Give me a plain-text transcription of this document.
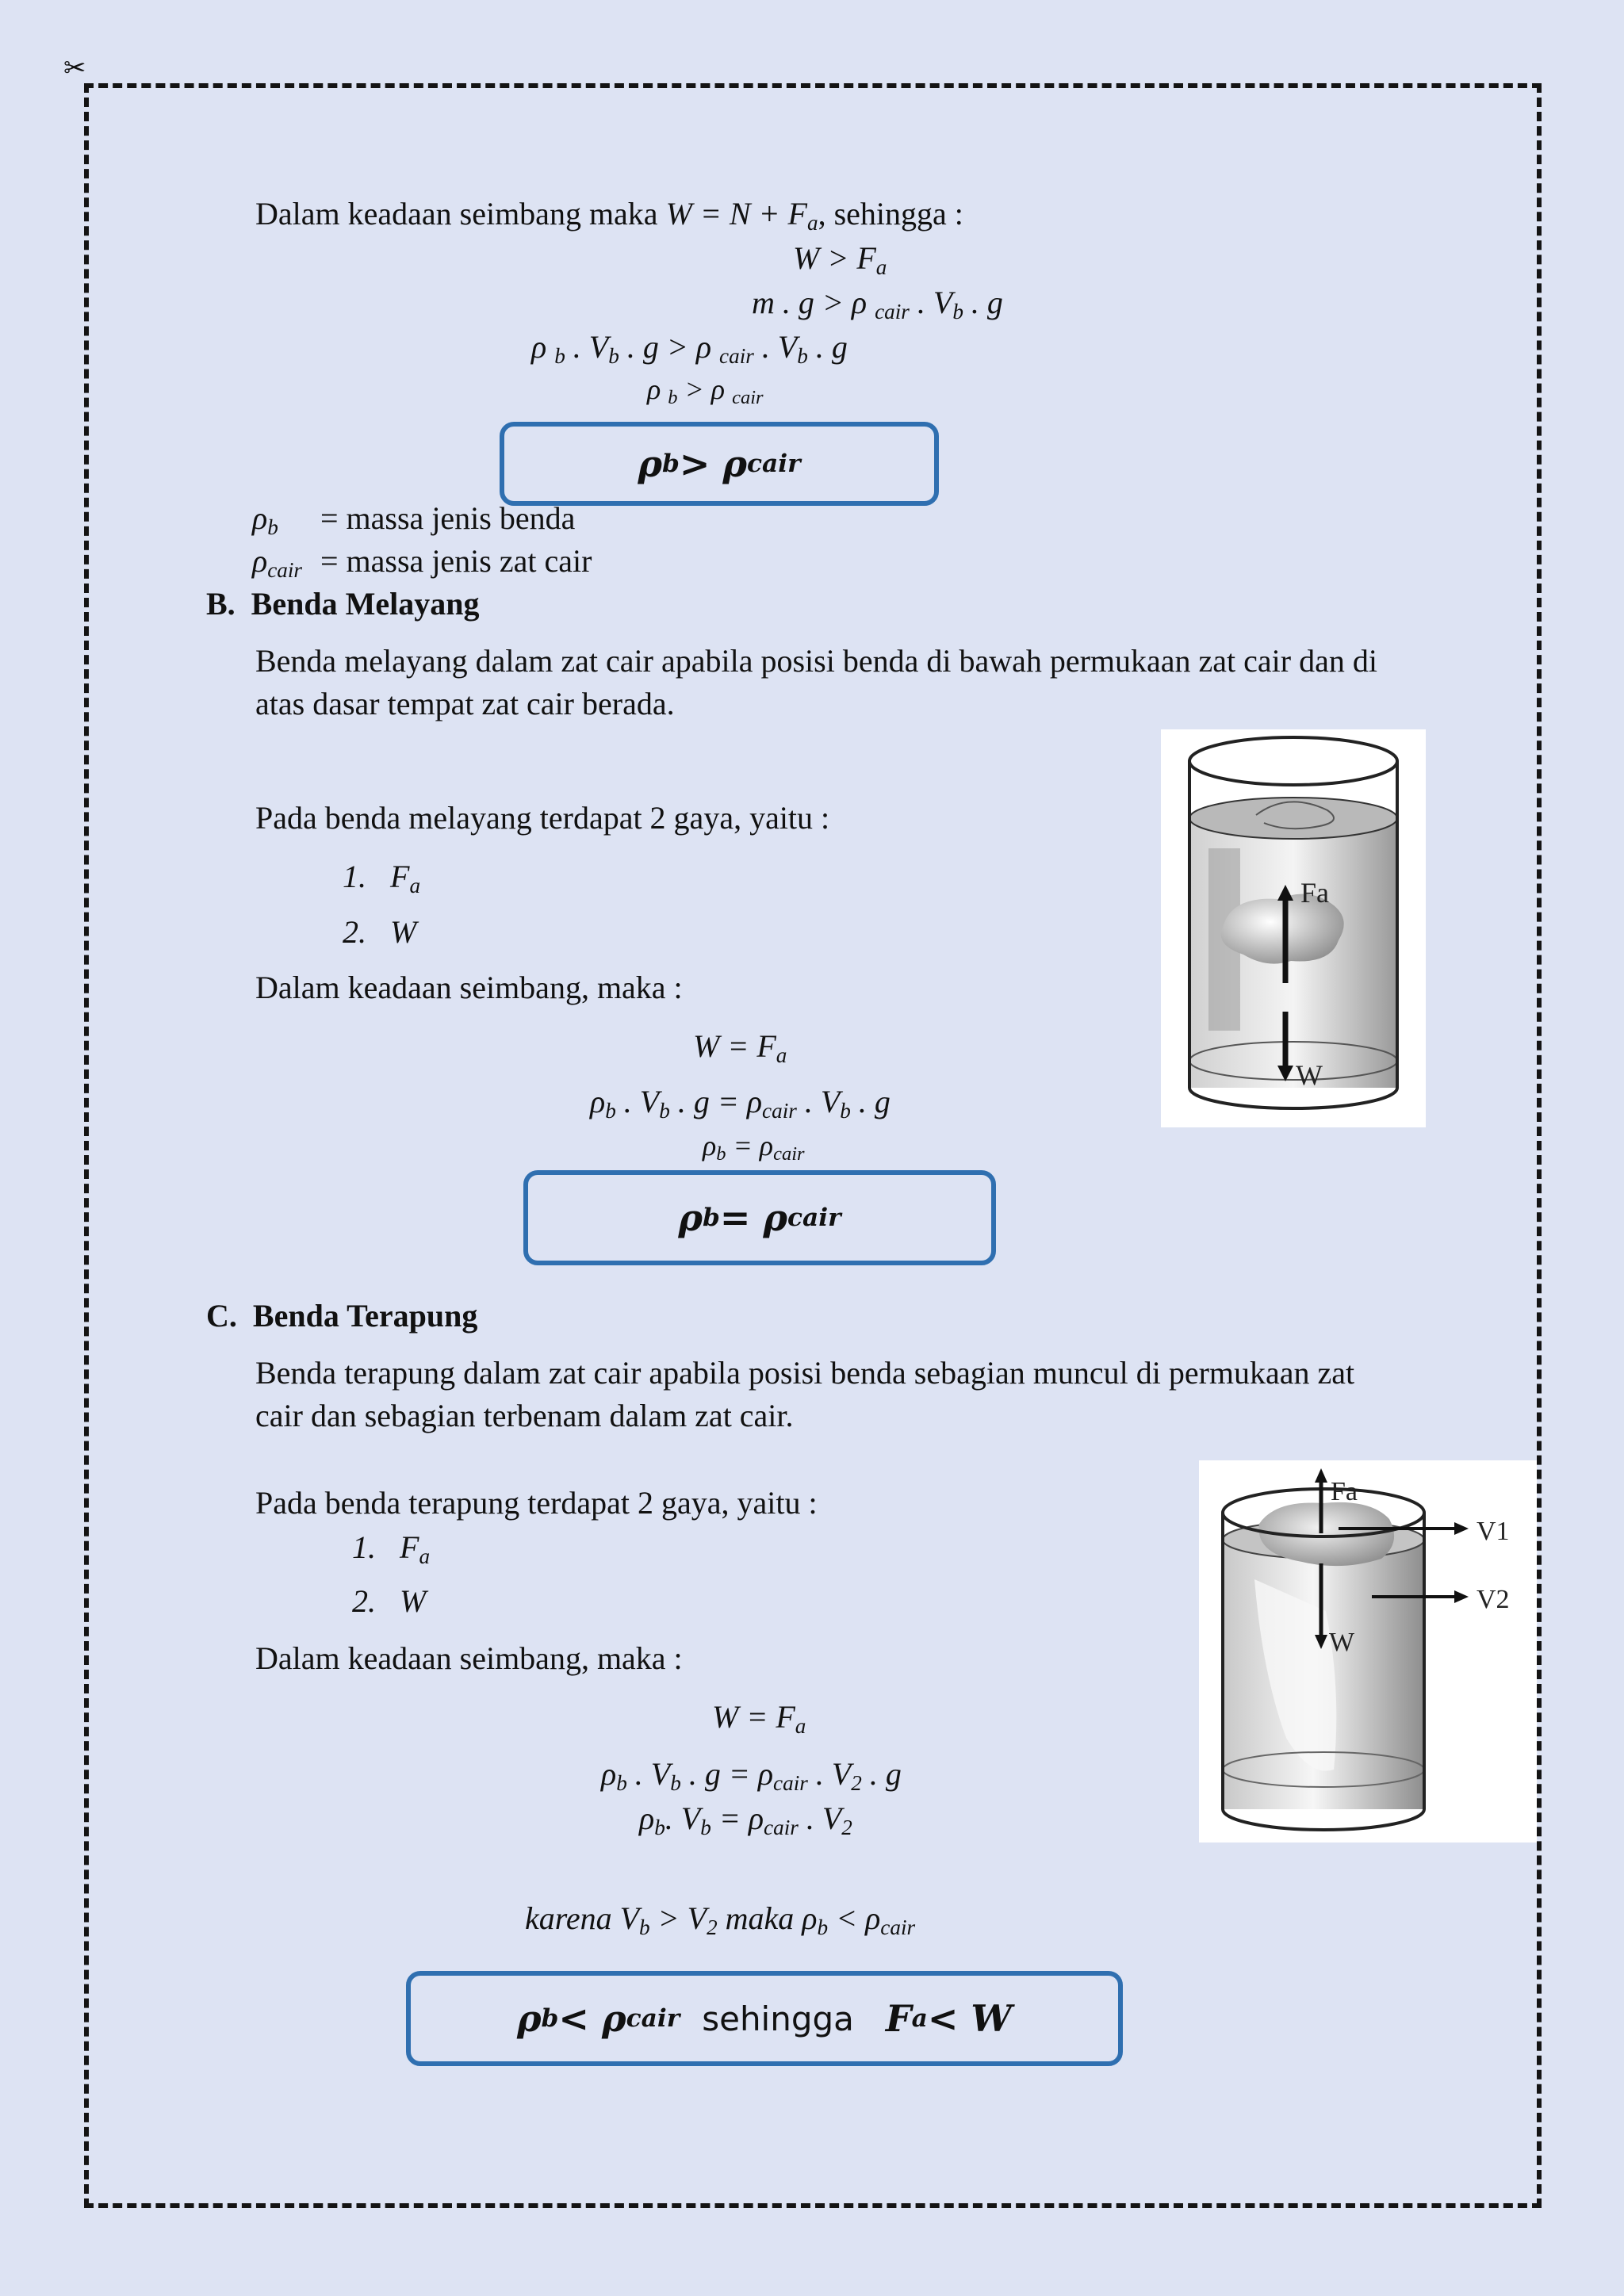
✂
Dalam keadaan seimbang maka $W = N + F_a$, sehingga :
$W > F_a$
m . g > ρ $_{cair}$ . $V_b$ . g
ρ $_b$ . $V_b$ . g > ρ $_{cair}$ . $V_b$ . g
ρ $_b$ > ρ $_{cair}$
ρ b > ρ cair
$\rho_b$ = massa jenis benda
$\rho_{cair}$ = massa jenis zat cair
B.  Benda Melayang
Benda melayang dalam zat cair apabila posisi benda di bawah permukaan zat cair dan di
atas dasar tempat zat cair berada.
Pada benda melayang terdapat 2 gaya, yaitu :
1. $F_a$
2. W
Dalam keadaan seimbang, maka :
$W = F_a$
$\rho_b$ . $V_b$ . $g = \rho_{cair}$ . $V_b$ . g
$\rho_b = \rho_{cair}$
ρ b = ρ cair
Fa
W
C.  Benda Terapung
Benda terapung dalam zat cair apabila posisi benda sebagian muncul di permukaan zat
cair dan sebagian terbenam dalam zat cair.
Pada benda terapung terdapat 2 gaya, yaitu :
1. $F_a$
2. W
Dalam keadaan seimbang, maka :
$W = F_a$
$\rho_b$ . $V_b$ . $g = \rho_{cair}$ . $V_2$ . g
$\rho_b$. $V_b = \rho_{cair}$ . $V_2$
karena $V_b > V_2$ maka $\rho_b < \rho_{cair}$
ρ b < ρ cair sehingga F a < W
Fa
W
V1
V2
